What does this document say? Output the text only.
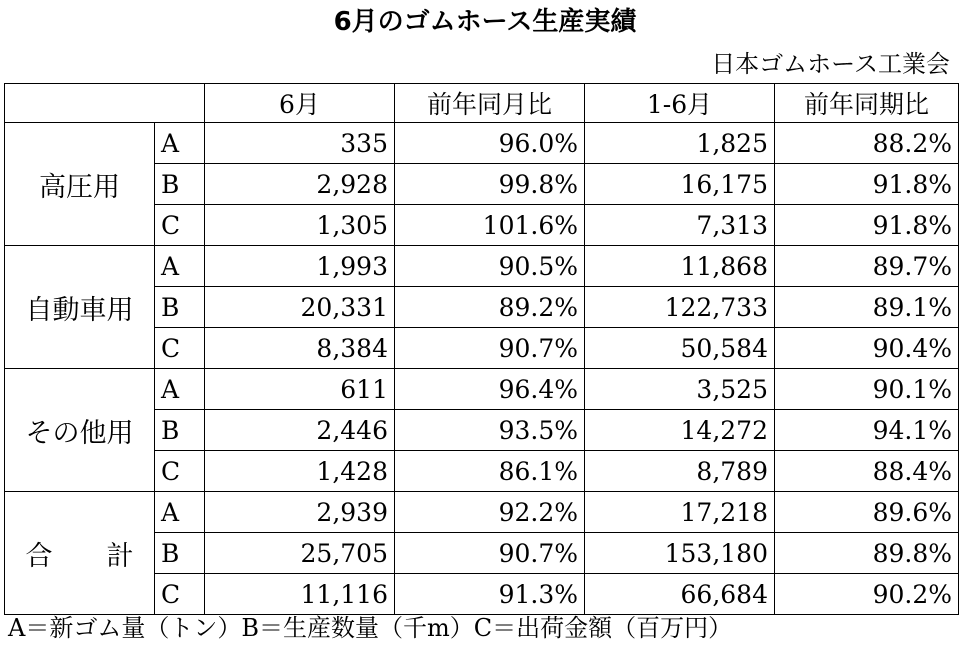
6月のゴムホース生産実績
日本ゴムホース工業会
		6月	前年同月比	1-6月	前年同期比
高圧用	A	335	96.0%	1,825	88.2%
	B	2,928	99.8%	16,175	91.8%
	C	1,305	101.6%	7,313	91.8%
自動車用	A	1,993	90.5%	11,868	89.7%
	B	20,331	89.2%	122,733	89.1%
	C	8,384	90.7%	50,584	90.4%
その他用	A	611	96.4%	3,525	90.1%
	B	2,446	93.5%	14,272	94.1%
	C	1,428	86.1%	8,789	88.4%
合　　計	A	2,939	92.2%	17,218	89.6%
	B	25,705	90.7%	153,180	89.8%
	C	11,116	91.3%	66,684	90.2%
A＝新ゴム量（トン）B＝生産数量（千m）C＝出荷金額（百万円）
